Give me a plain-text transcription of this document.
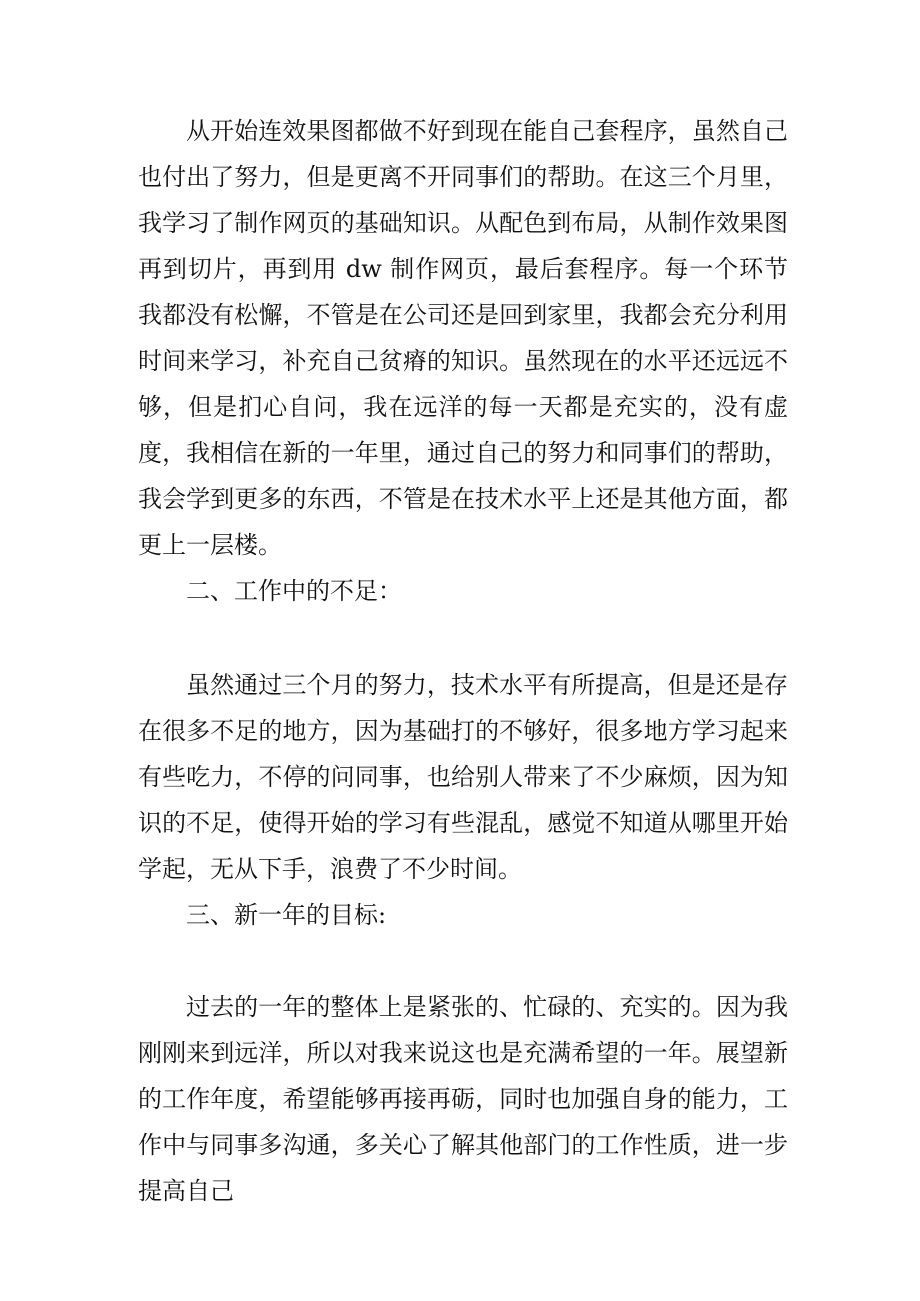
从开始连效果图都做不好到现在能自己套程序，虽然自己也付出了努力，但是更离不开同事们的帮助。在这三个月里，我学习了制作网页的基础知识。从配色到布局，从制作效果图再到切片，再到用 dw 制作网页，最后套程序。每一个环节我都没有松懈，不管是在公司还是回到家里，我都会充分利用时间来学习，补充自己贫瘠的知识。虽然现在的水平还远远不够，但是扪心自问，我在远洋的每一天都是充实的，没有虚度，我相信在新的一年里，通过自己的努力和同事们的帮助，我会学到更多的东西，不管是在技术水平上还是其他方面，都更上一层楼。

二、工作中的不足：

虽然通过三个月的努力，技术水平有所提高，但是还是存在很多不足的地方，因为基础打的不够好，很多地方学习起来有些吃力，不停的问同事，也给别人带来了不少麻烦，因为知识的不足，使得开始的学习有些混乱，感觉不知道从哪里开始学起，无从下手，浪费了不少时间。

三、新一年的目标:

过去的一年的整体上是紧张的、忙碌的、充实的。因为我刚刚来到远洋，所以对我来说这也是充满希望的一年。展望新的工作年度，希望能够再接再砺，同时也加强自身的能力，工作中与同事多沟通，多关心了解其他部门的工作性质，进一步提高自己
